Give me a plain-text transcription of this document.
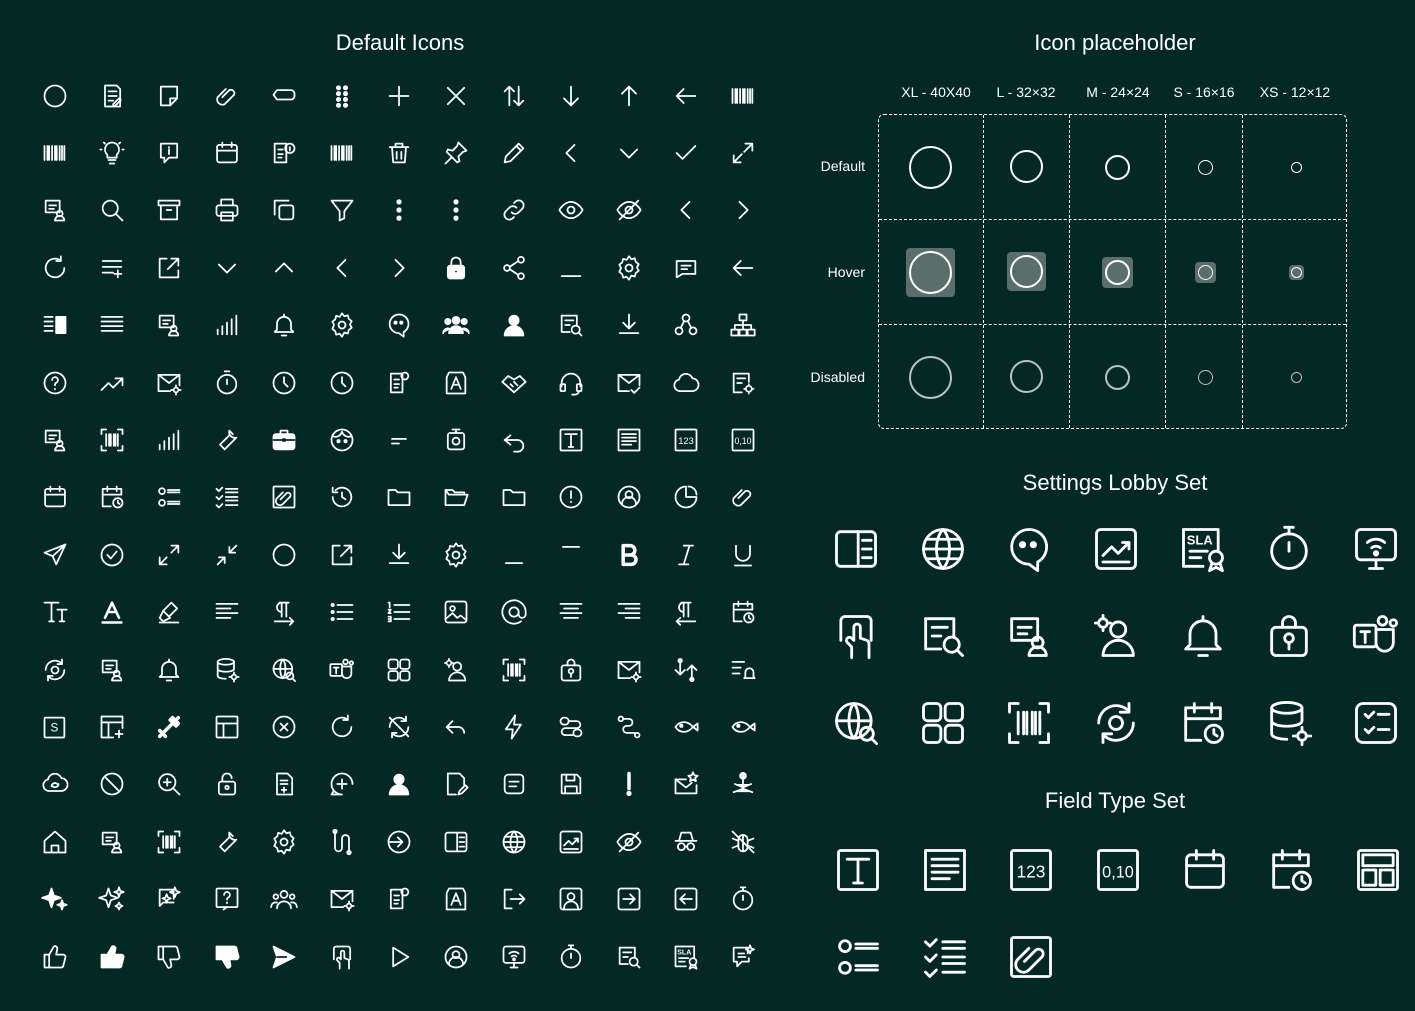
Default Icons	Icon placeholder
Settings Lobby Set
Field Type Set
123	0,10
S
SLA
XL - 40X40	L - 32×32	M - 24×24	S - 16×16	XS - 12×12
Default
Hover
Disabled
SLA
123	0,10
